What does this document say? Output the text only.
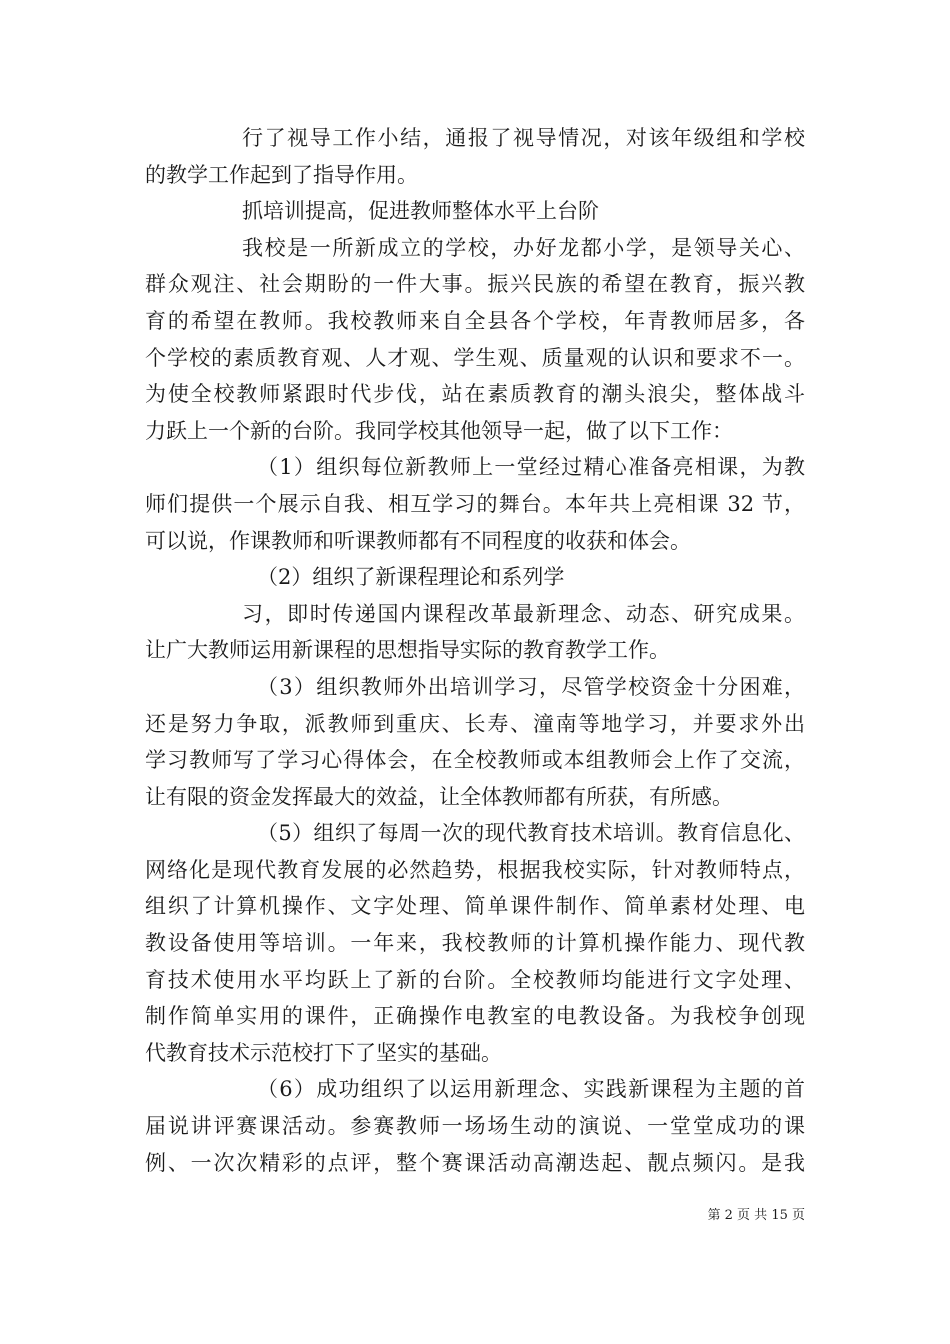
行了视导工作小结，通报了视导情况，对该年级组和学校
的教学工作起到了指导作用。
抓培训提高，促进教师整体水平上台阶
我校是一所新成立的学校，办好龙都小学，是领导关心、
群众观注、社会期盼的一件大事。振兴民族的希望在教育，振兴教
育的希望在教师。我校教师来自全县各个学校，年青教师居多，各
个学校的素质教育观、人才观、学生观、质量观的认识和要求不一。
为使全校教师紧跟时代步伐，站在素质教育的潮头浪尖，整体战斗
力跃上一个新的台阶。我同学校其他领导一起，做了以下工作：
（1）组织每位新教师上一堂经过精心准备亮相课，为教
师们提供一个展示自我、相互学习的舞台。本年共上亮相课 32 节，
可以说，作课教师和听课教师都有不同程度的收获和体会。
（2）组织了新课程理论和系列学
习，即时传递国内课程改革最新理念、动态、研究成果。
让广大教师运用新课程的思想指导实际的教育教学工作。
（3）组织教师外出培训学习，尽管学校资金十分困难，
还是努力争取，派教师到重庆、长寿、潼南等地学习，并要求外出
学习教师写了学习心得体会，在全校教师或本组教师会上作了交流，
让有限的资金发挥最大的效益，让全体教师都有所获，有所感。
（5）组织了每周一次的现代教育技术培训。教育信息化、
网络化是现代教育发展的必然趋势，根据我校实际，针对教师特点，
组织了计算机操作、文字处理、简单课件制作、简单素材处理、电
教设备使用等培训。一年来，我校教师的计算机操作能力、现代教
育技术使用水平均跃上了新的台阶。全校教师均能进行文字处理、
制作简单实用的课件，正确操作电教室的电教设备。为我校争创现
代教育技术示范校打下了坚实的基础。
（6）成功组织了以运用新理念、实践新课程为主题的首
届说讲评赛课活动。参赛教师一场场生动的演说、一堂堂成功的课
例、一次次精彩的点评，整个赛课活动高潮迭起、靓点频闪。是我
第 2 页 共 15 页
